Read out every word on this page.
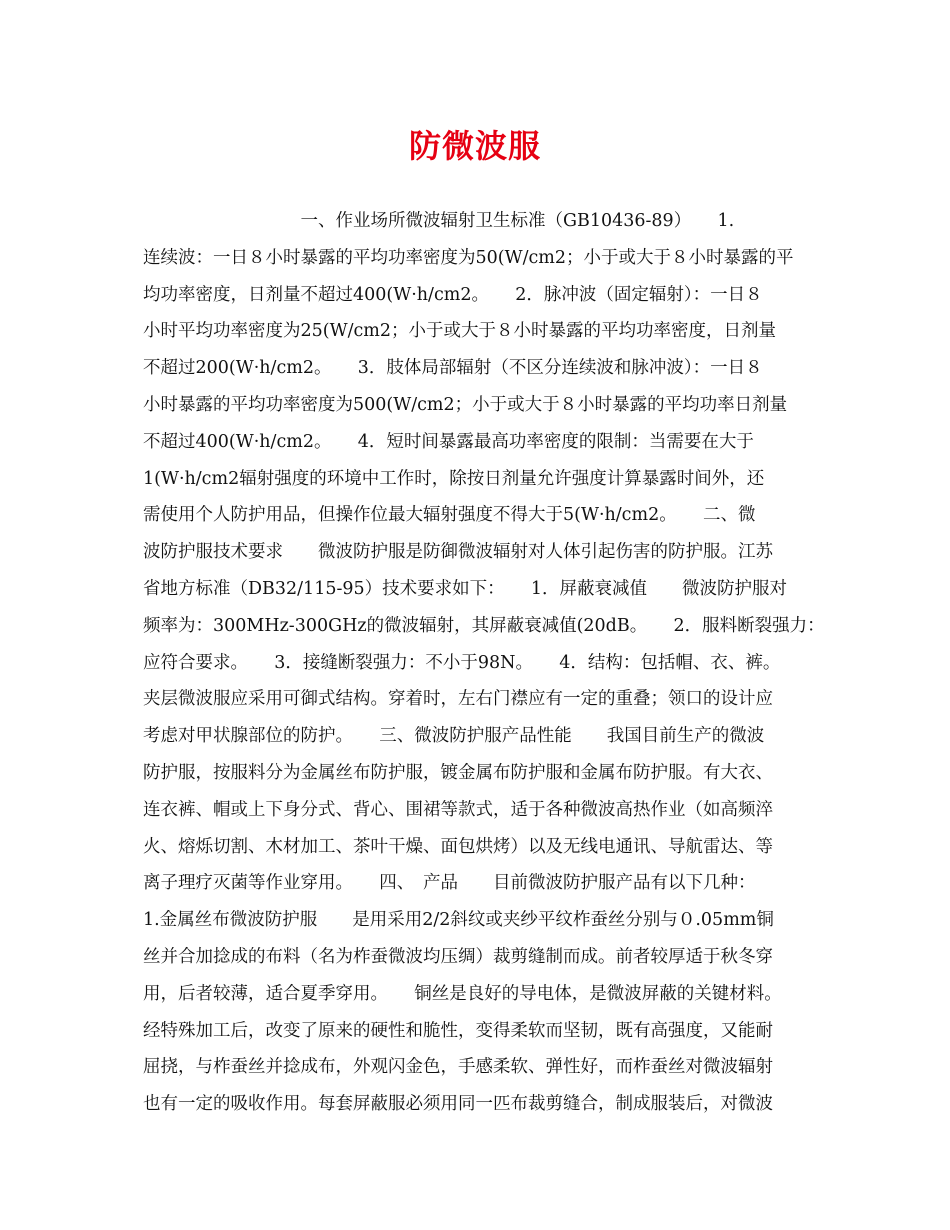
防微波服
　　　　　　　　　一、作业场所微波辐射卫生标准（GB10436-89）　　1.
连续波：一日８小时暴露的平均功率密度为50(W/cm2；小于或大于８小时暴露的平
均功率密度，日剂量不超过400(W·h/cm2。　　2．脉冲波（固定辐射）：一日８
小时平均功率密度为25(W/cm2；小于或大于８小时暴露的平均功率密度，日剂量
不超过200(W·h/cm2。　　3．肢体局部辐射（不区分连续波和脉冲波）：一日８
小时暴露的平均功率密度为500(W/cm2；小于或大于８小时暴露的平均功率日剂量
不超过400(W·h/cm2。　　4．短时间暴露最高功率密度的限制：当需要在大于
1(W·h/cm2辐射强度的环境中工作时，除按日剂量允许强度计算暴露时间外，还
需使用个人防护用品，但操作位最大辐射强度不得大于5(W·h/cm2。　　二、微
波防护服技术要求　　微波防护服是防御微波辐射对人体引起伤害的防护服。江苏
省地方标准（DB32/115-95）技术要求如下：　　1．屏蔽衰减值　　微波防护服对
频率为：300MHz-300GHz的微波辐射，其屏蔽衰减值(20dB。　　2．服料断裂强力：
应符合要求。　　3．接缝断裂强力：不小于98N。　　4．结构：包括帽、衣、裤。
夹层微波服应采用可御式结构。穿着时，左右门襟应有一定的重叠；领口的设计应
考虑对甲状腺部位的防护。　　三、微波防护服产品性能　　我国目前生产的微波
防护服，按服料分为金属丝布防护服，镀金属布防护服和金属布防护服。有大衣、
连衣裤、帽或上下身分式、背心、围裙等款式，适于各种微波高热作业（如高频淬
火、熔烁切割、木材加工、茶叶干燥、面包烘烤）以及无线电通讯、导航雷达、等
离子理疗灭菌等作业穿用。　　四、　产品　　目前微波防护服产品有以下几种：
1.金属丝布微波防护服　　是用采用2/2斜纹或夹纱平纹柞蚕丝分别与０.05mm铜
丝并合加捻成的布料（名为柞蚕微波均压绸）裁剪缝制而成。前者较厚适于秋冬穿
用，后者较薄，适合夏季穿用。　　铜丝是良好的导电体，是微波屏蔽的关键材料。
经特殊加工后，改变了原来的硬性和脆性，变得柔软而坚韧，既有高强度，又能耐
屈挠，与柞蚕丝并捻成布，外观闪金色，手感柔软、弹性好，而柞蚕丝对微波辐射
也有一定的吸收作用。每套屏蔽服必须用同一匹布裁剪缝合，制成服装后，对微波
